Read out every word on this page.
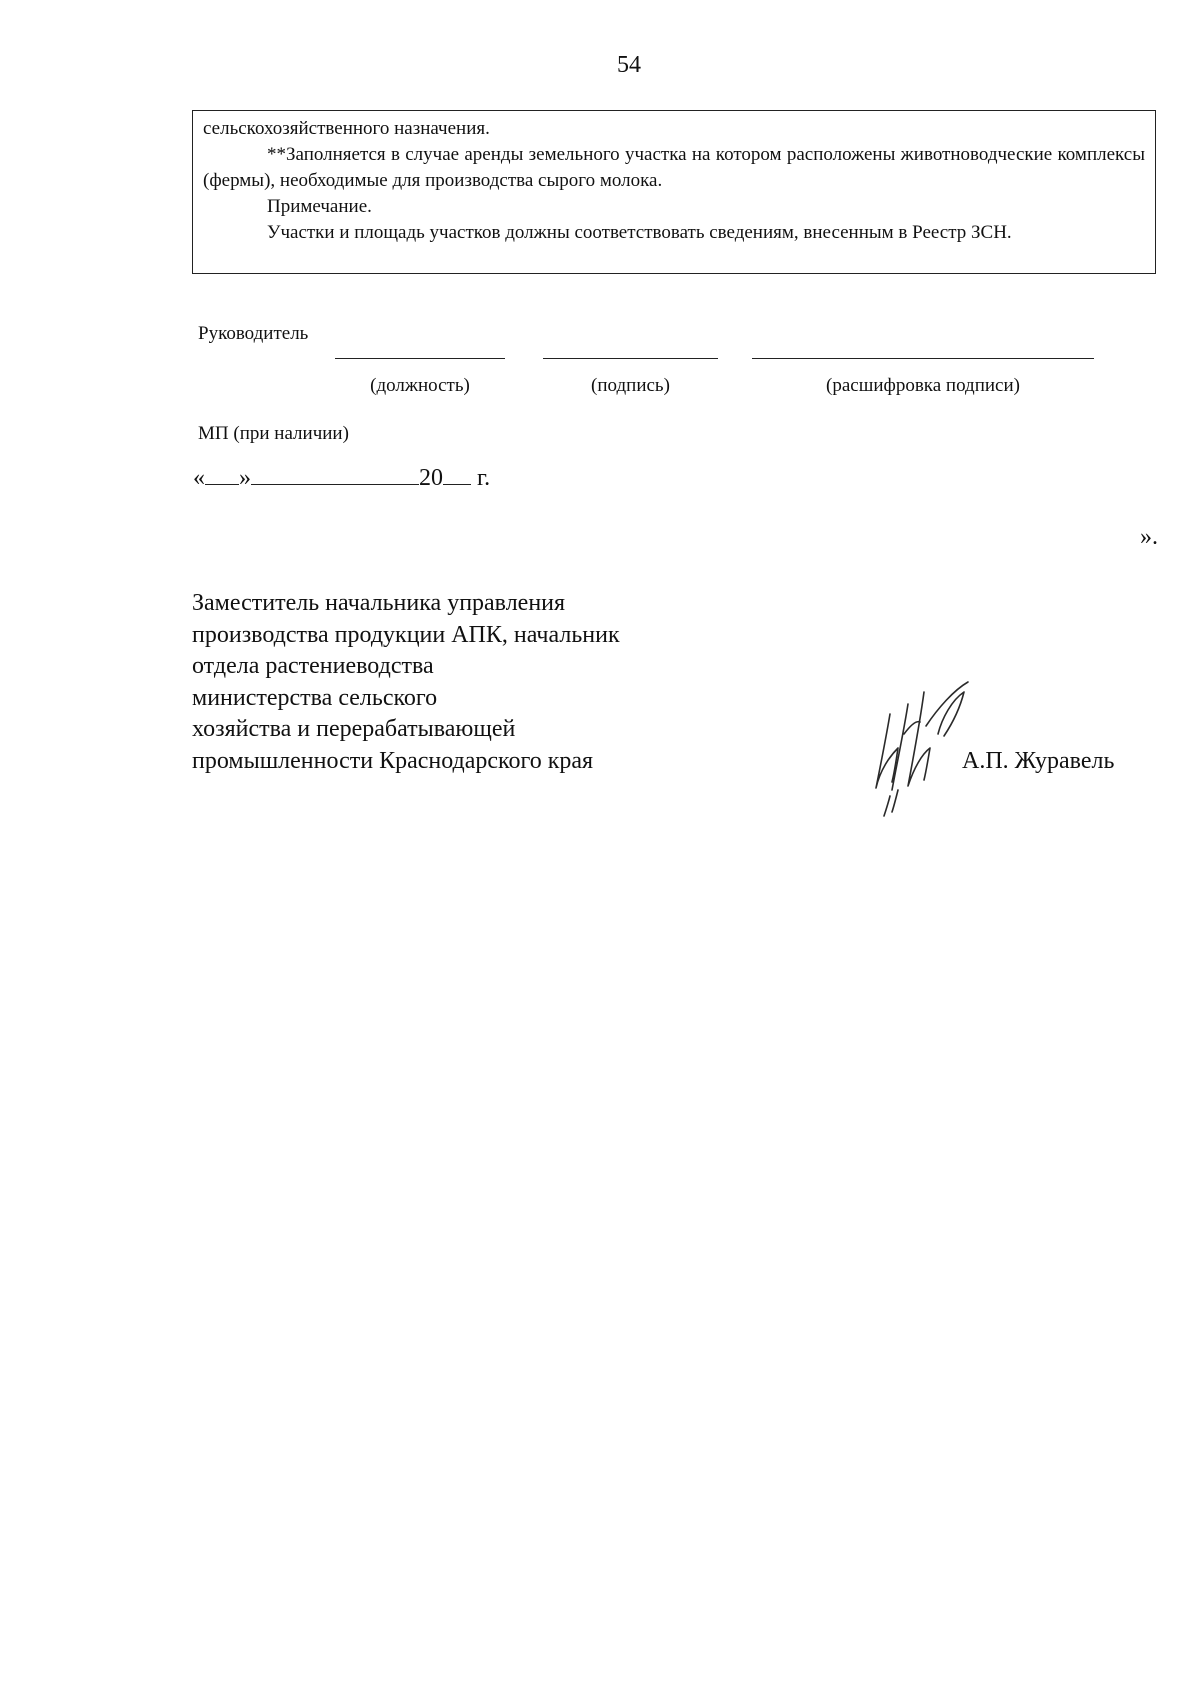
54

сельскохозяйственного назначения.

**Заполняется в случае аренды земельного участка на котором расположены животноводческие комплексы (фермы), необходимые для производства сырого молока.

Примечание.

Участки и площадь участков должны соответствовать сведениям, внесенным в Реестр ЗСН.

Руководитель
(должность)	(подпись)	(расшифровка подписи)
МП (при наличии)
« »	20 г.
».
Заместитель начальника управления
производства продукции АПК, начальник
отдела растениеводства
министерства сельского
хозяйства и перерабатывающей
промышленности Краснодарского края	А.П. Журавель
